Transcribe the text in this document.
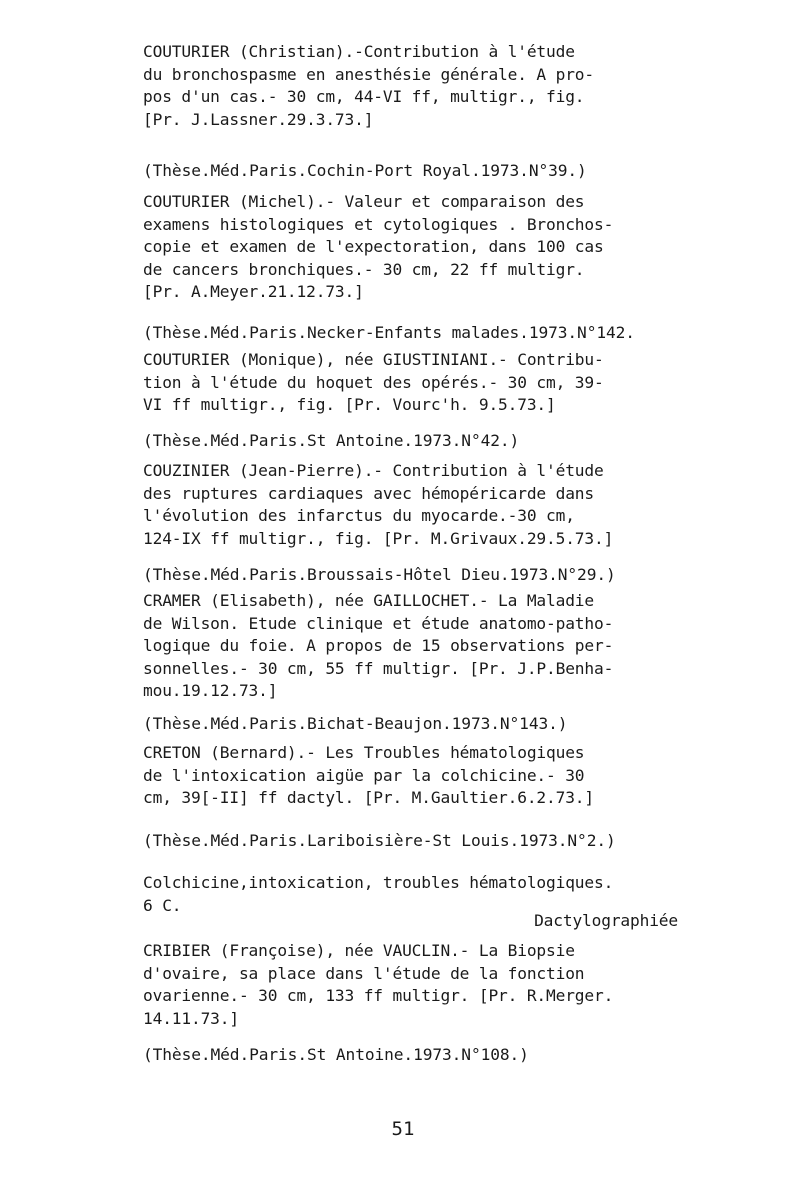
COUTURIER (Christian).-Contribution à l'étude
du bronchospasme en anesthésie générale. A pro-
pos d'un cas.- 30 cm, 44-VI ff, multigr., fig.
[Pr. J.Lassner.29.3.73.]
(Thèse.Méd.Paris.Cochin-Port Royal.1973.N°39.)
COUTURIER (Michel).- Valeur et comparaison des
examens histologiques et cytologiques . Bronchos-
copie et examen de l'expectoration, dans 100 cas
de cancers bronchiques.- 30 cm, 22 ff multigr.
[Pr. A.Meyer.21.12.73.]
(Thèse.Méd.Paris.Necker-Enfants malades.1973.N°142.
COUTURIER (Monique), née GIUSTINIANI.- Contribu-
tion à l'étude du hoquet des opérés.- 30 cm, 39-
VI ff multigr., fig. [Pr. Vourc'h. 9.5.73.]
(Thèse.Méd.Paris.St Antoine.1973.N°42.)
COUZINIER (Jean-Pierre).- Contribution à l'étude
des ruptures cardiaques avec hémopéricarde dans
l'évolution des infarctus du myocarde.-30 cm,
124-IX ff multigr., fig. [Pr. M.Grivaux.29.5.73.]
(Thèse.Méd.Paris.Broussais-Hôtel Dieu.1973.N°29.)
CRAMER (Elisabeth), née GAILLOCHET.- La Maladie
de Wilson. Etude clinique et étude anatomo-patho-
logique du foie. A propos de 15 observations per-
sonnelles.- 30 cm, 55 ff multigr. [Pr. J.P.Benha-
mou.19.12.73.]
(Thèse.Méd.Paris.Bichat-Beaujon.1973.N°143.)
CRETON (Bernard).- Les Troubles hématologiques
de l'intoxication aigüe par la colchicine.- 30
cm, 39[-II] ff dactyl. [Pr. M.Gaultier.6.2.73.]
(Thèse.Méd.Paris.Lariboisière-St Louis.1973.N°2.)
Colchicine,intoxication, troubles hématologiques.
6 C.
Dactylographiée
CRIBIER (Françoise), née VAUCLIN.- La Biopsie
d'ovaire, sa place dans l'étude de la fonction
ovarienne.- 30 cm, 133 ff multigr. [Pr. R.Merger.
14.11.73.]
(Thèse.Méd.Paris.St Antoine.1973.N°108.)
51
